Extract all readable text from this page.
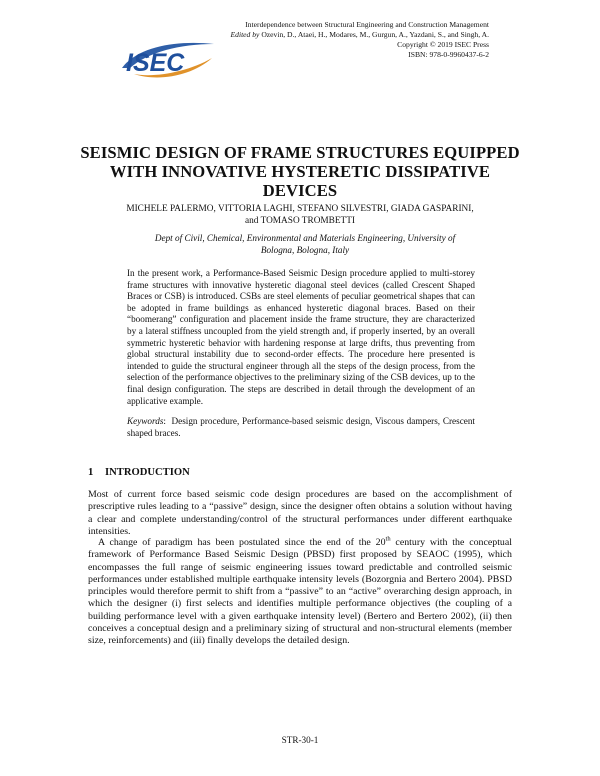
ISEC
Interdependence between Structural Engineering and Construction Management
Edited by Ozevin, D., Ataei, H., Modares, M., Gurgun, A., Yazdani, S., and Singh, A.
Copyright © 2019 ISEC Press
ISBN: 978-0-9960437-6-2
SEISMIC DESIGN OF FRAME STRUCTURES EQUIPPED WITH INNOVATIVE HYSTERETIC DISSIPATIVE DEVICES
MICHELE PALERMO, VITTORIA LAGHI, STEFANO SILVESTRI, GIADA GASPARINI,
and TOMASO TROMBETTI
Dept of Civil, Chemical, Environmental and Materials Engineering, University of Bologna, Bologna, Italy
In the present work, a Performance-Based Seismic Design procedure applied to multi-storey frame structures with innovative hysteretic diagonal steel devices (called Crescent Shaped Braces or CSB) is introduced. CSBs are steel elements of peculiar geometrical shapes that can be adopted in frame buildings as enhanced hysteretic diagonal braces. Based on their “boomerang” configuration and placement inside the frame structure, they are characterized by a lateral stiffness uncoupled from the yield strength and, if properly inserted, by an overall symmetric hysteretic behavior with hardening response at large drifts, thus preventing from global structural instability due to second-order effects. The procedure here presented is intended to guide the structural engineer through all the steps of the design process, from the selection of the performance objectives to the preliminary sizing of the CSB devices, up to the final design configuration. The steps are described in detail through the development of an applicative example.
Keywords:  Design procedure, Performance-based seismic design, Viscous dampers, Crescent shaped braces.
1 INTRODUCTION
Most of current force based seismic code design procedures are based on the accomplishment of prescriptive rules leading to a “passive” design, since the designer often obtains a solution without having a clear and complete understanding/control of the structural performances under different earthquake intensities.
A change of paradigm has been postulated since the end of the 20th century with the conceptual framework of Performance Based Seismic Design (PBSD) first proposed by SEAOC (1995), which encompasses the full range of seismic engineering issues toward predictable and controlled seismic performances under established multiple earthquake intensity levels (Bozorgnia and Bertero 2004). PBSD principles would therefore permit to shift from a “passive” to an “active” overarching design approach, in which the designer (i) first selects and identifies multiple performance objectives (the coupling of a building performance level with a given earthquake intensity level) (Bertero and Bertero 2002), (ii) then conceives a conceptual design and a preliminary sizing of structural and non-structural elements (member size, reinforcements) and (iii) finally develops the detailed design.
STR-30-1
